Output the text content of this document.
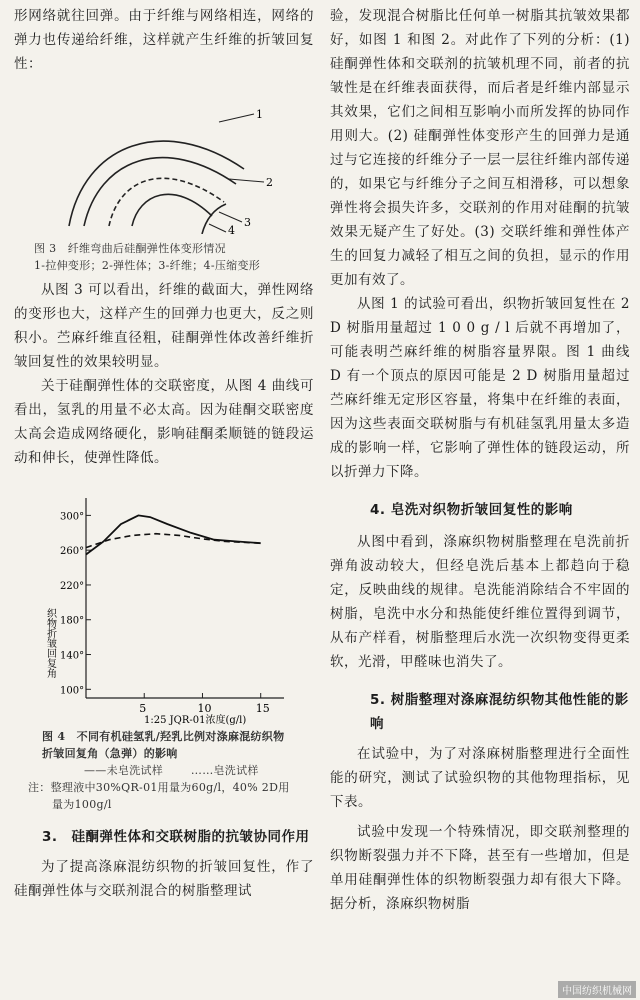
形网络就往回弹。由于纤维与网络相连，网络的弹力也传递给纤维，这样就产生纤维的折皱回复性：

1
2
3
4

图 3　纤维弯曲后硅酮弹性体变形情况

1-拉伸变形；2-弹性体；3-纤维；4-压缩变形

从图 3 可以看出，纤维的截面大，弹性网络的变形也大，这样产生的回弹力也更大，反之则积小。苎麻纤维直径粗，硅酮弹性体改善纤维折皱回复性的效果较明显。

关于硅酮弹性体的交联密度，从图 4 曲线可看出，氢乳的用量不必太高。因为硅酮交联密度太高会造成网络硬化，影响硅酮柔顺链的链段运动和伸长，使弹性降低。

5	10	15
100°
140°
180°
220°
260°
300°
织物折皱回复角
1:25 JQR-01浓度(g/l)

图 4　不同有机硅氢乳/羟乳比例对涤麻混纺织物折皱回复角（急弹）的影响

——未皂洗试样	……皂洗试样

注：整理液中30%QR-01用量为60g/l，40% 2D用

量为100g/l

3.　硅酮弹性体和交联树脂的抗皱协同作用

为了提高涤麻混纺织物的折皱回复性，作了硅酮弹性体与交联剂混合的树脂整理试

验，发现混合树脂比任何单一树脂其抗皱效果都好，如图 1 和图 2。对此作了下列的分析：(1) 硅酮弹性体和交联剂的抗皱机理不同，前者的抗皱性是在纤维表面获得，而后者是纤维内部显示其效果，它们之间相互影响小而所发挥的协同作用则大。(2) 硅酮弹性体变形产生的回弹力是通过与它连接的纤维分子一层一层往纤维内部传递的，如果它与纤维分子之间互相滑移，可以想象弹性将会损失许多，交联剂的作用对硅酮的抗皱效果无疑产生了好处。(3) 交联纤维和弹性体产生的回复力减轻了相互之间的负担，显示的作用更加有效了。

从图 1 的试验可看出，织物折皱回复性在 2 D 树脂用量超过 1 0 0 g / l 后就不再增加了，可能表明苎麻纤维的树脂容量界限。图 1 曲线 D 有一个顶点的原因可能是 2 D 树脂用量超过苎麻纤维无定形区容量，将集中在纤维的表面，因为这些表面交联树脂与有机硅氢乳用量太多造成的影响一样，它影响了弹性体的链段运动，所以折弹力下降。

4. 皂洗对织物折皱回复性的影响

从图中看到，涤麻织物树脂整理在皂洗前折弹角波动较大，但经皂洗后基本上都趋向于稳定，反映曲线的规律。皂洗能消除结合不牢固的树脂，皂洗中水分和热能使纤维位置得到调节，从布产样看，树脂整理后水洗一次织物变得更柔软，光滑，甲醛味也消失了。

5. 树脂整理对涤麻混纺织物其他性能的影响

在试验中，为了对涤麻树脂整理进行全面性能的研究，测试了试验织物的其他物理指标，见下表。

试验中发现一个特殊情况，即交联剂整理的织物断裂强力并不下降，甚至有一些增加，但是单用硅酮弹性体的织物断裂强力却有很大下降。据分析，涤麻织物树脂

中国纺织机械网
